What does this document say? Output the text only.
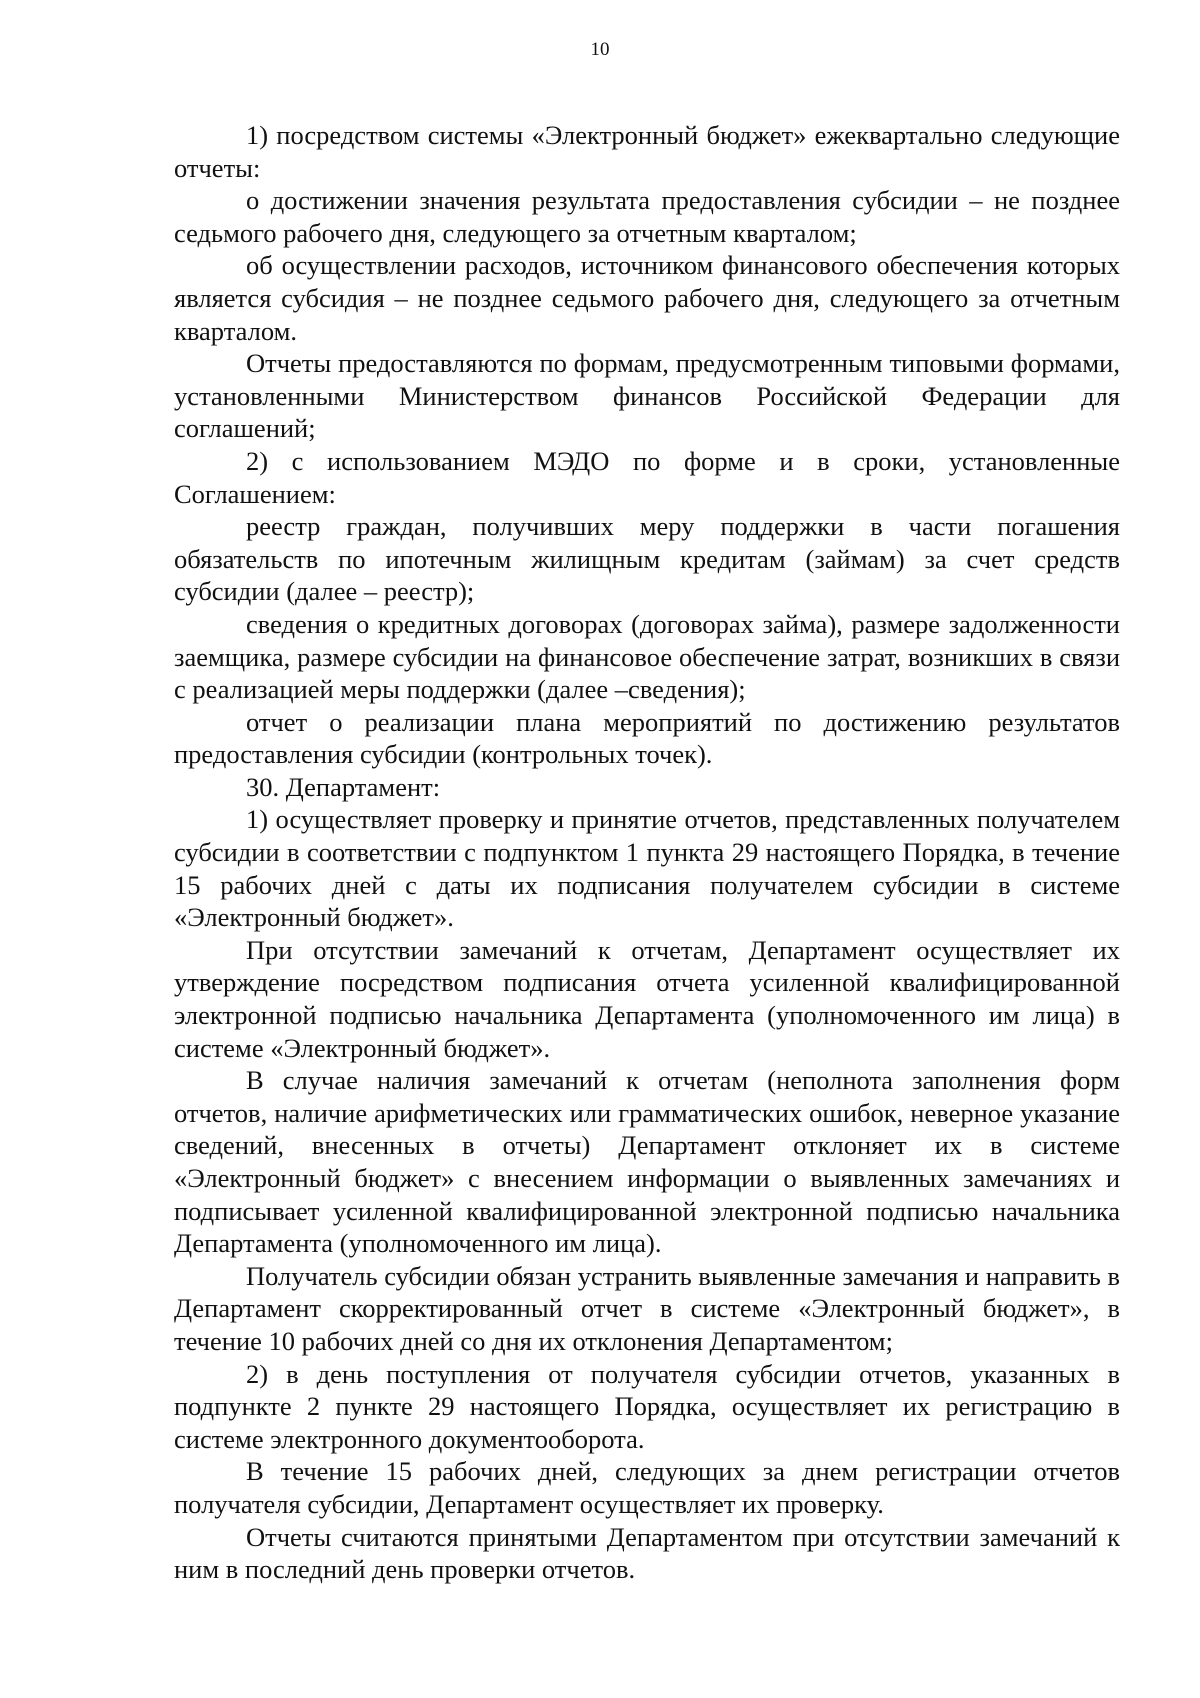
10

1) посредством системы «Электронный бюджет» ежеквартально следующие отчеты:

о достижении значения результата предоставления субсидии – не позднее седьмого рабочего дня, следующего за отчетным кварталом;

об осуществлении расходов, источником финансового обеспечения которых является субсидия – не позднее седьмого рабочего дня, следующего за отчетным кварталом.

Отчеты предоставляются по формам, предусмотренным типовыми формами, установленными Министерством финансов Российской Федерации для соглашений;

2) с использованием МЭДО по форме и в сроки, установленные Соглашением:

реестр граждан, получивших меру поддержки в части погашения обязательств по ипотечным жилищным кредитам (займам) за счет средств субсидии (далее – реестр);

сведения о кредитных договорах (договорах займа), размере задолженности заемщика, размере субсидии на финансовое обеспечение затрат, возникших в связи с реализацией меры поддержки (далее –сведения);

отчет о реализации плана мероприятий по достижению результатов предоставления субсидии (контрольных точек).

30. Департамент:

1) осуществляет проверку и принятие отчетов, представленных получателем субсидии в соответствии с подпунктом 1 пункта 29 настоящего Порядка, в течение 15 рабочих дней с даты их подписания получателем субсидии в системе «Электронный бюджет».

При отсутствии замечаний к отчетам, Департамент осуществляет их утверждение посредством подписания отчета усиленной квалифицированной электронной подписью начальника Департамента (уполномоченного им лица) в системе «Электронный бюджет».

В случае наличия замечаний к отчетам (неполнота заполнения форм отчетов, наличие арифметических или грамматических ошибок, неверное указание сведений, внесенных в отчеты) Департамент отклоняет их в системе «Электронный бюджет» с внесением информации о выявленных замечаниях и подписывает усиленной квалифицированной электронной подписью начальника Департамента (уполномоченного им лица).

Получатель субсидии обязан устранить выявленные замечания и направить в Департамент скорректированный отчет в системе «Электронный бюджет», в течение 10 рабочих дней со дня их отклонения Департаментом;

2) в день поступления от получателя субсидии отчетов, указанных в подпункте 2 пункте 29 настоящего Порядка, осуществляет их регистрацию в системе электронного документооборота.

В течение 15 рабочих дней, следующих за днем регистрации отчетов получателя субсидии, Департамент осуществляет их проверку.

Отчеты считаются принятыми Департаментом при отсутствии замечаний к ним в последний день проверки отчетов.
